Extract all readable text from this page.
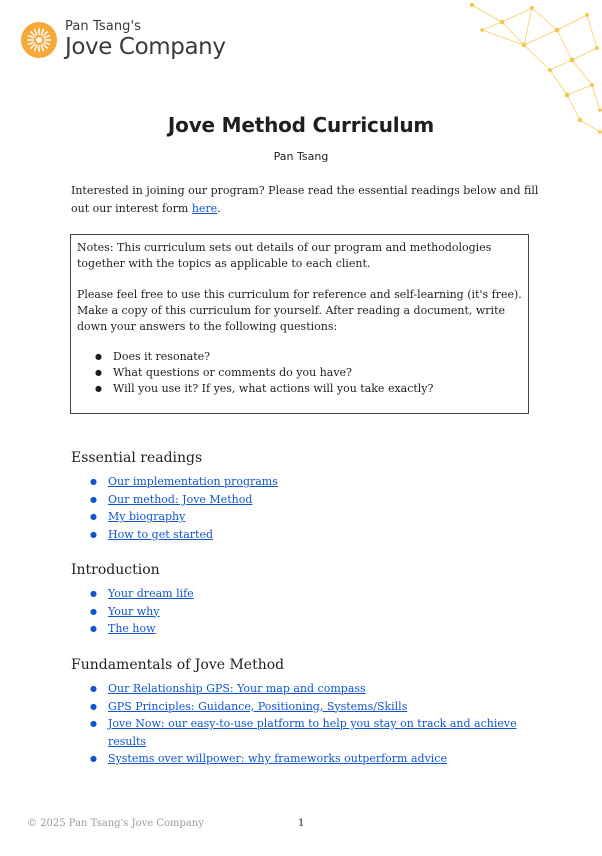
Pan Tsang's
Jove Company
Jove Method Curriculum
Pan Tsang
Interested in joining our program? Please read the essential readings below and fill out our interest form here.

Notes: This curriculum sets out details of our program and methodologies together with the topics as applicable to each client.

Please feel free to use this curriculum for reference and self-learning (it's free). Make a copy of this curriculum for yourself. After reading a document, write down your answers to the following questions:

● Does it resonate?
● What questions or comments do you have?
● Will you use it? If yes, what actions will you take exactly?
Essential readings
● Our implementation programs
● Our method: Jove Method
● My biography
● How to get started
Introduction
● Your dream life
● Your why
● The how
Fundamentals of Jove Method
● Our Relationship GPS: Your map and compass
● GPS Principles: Guidance, Positioning, Systems/Skills
● Jove Now: our easy-to-use platform to help you stay on track and achieve results
● Systems over willpower: why frameworks outperform advice
© 2025 Pan Tsang's Jove Company	1
